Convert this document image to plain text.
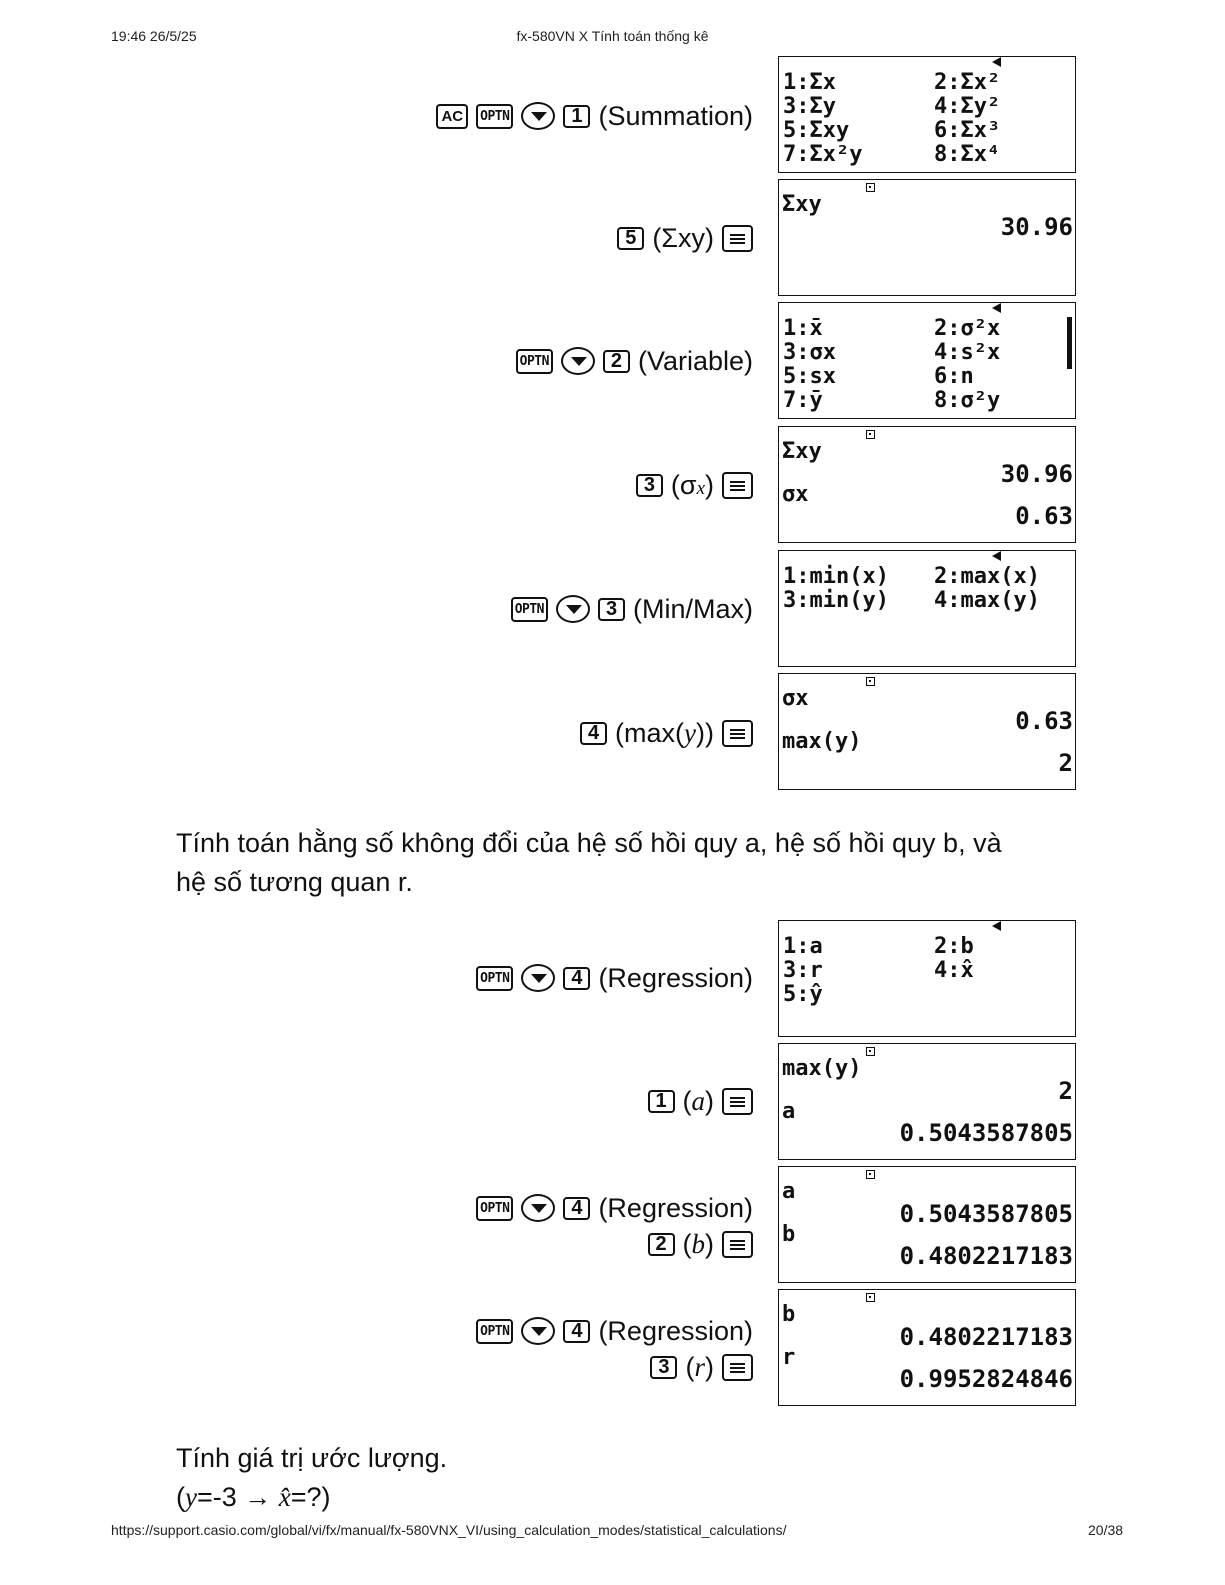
19:46 26/5/25	fx-580VN X Tính toán thống kê
https://support.casio.com/global/vi/fx/manual/fx-580VNX_VI/using_calculation_modes/statistical_calculations/	20/38
AC	OPTN	1 (Summation)
1:Σx	2:Σx²
3:Σy	4:Σy²
5:Σxy	6:Σx³
7:Σx²y	8:Σx⁴
5 (Σxy)
Σxy
30.96
OPTN	2 (Variable)
1:x̄	2:σ²x
3:σx	4:s²x
5:sx	6:n
7:ȳ	8:σ²y
3 (σx)
Σxy
30.96
σx
0.63
OPTN	3 (Min/Max)
1:min(x) 2:max(x)
3:min(y) 4:max(y)
4 (max(y))
σx
0.63
max(y)
2
Tính toán hằng số không đổi của hệ số hồi quy a, hệ số hồi quy b, và
hệ số tương quan r.
OPTN	4 (Regression)
1:a	2:b
3:r	4:x̂
5:ŷ
1 (a)
max(y)
2
a
0.5043587805
OPTN	4 (Regression)
2 (b)
a
0.5043587805
b
0.4802217183
OPTN	4 (Regression)
3 (r)
b
0.4802217183
r
0.9952824846
Tính giá trị ước lượng.
(y=-3 → x̂=?)
